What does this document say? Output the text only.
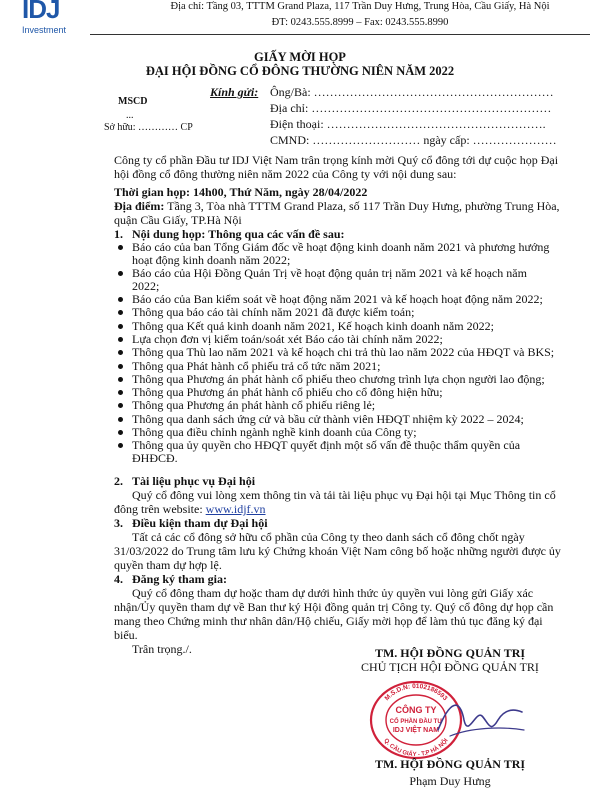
IDJ
Investment
Địa chỉ: Tầng 03, TTTM Grand Plaza, 117 Trần Duy Hưng, Trung Hòa, Cầu Giấy, Hà Nội
ĐT: 0243.555.8999 – Fax: 0243.555.8990
GIẤY MỜI HỌP
ĐẠI HỘI ĐỒNG CỔ ĐÔNG THƯỜNG NIÊN NĂM 2022
MSCD
...
Sở hữu: ………… CP
Kính gửi: Ông/Bà: ……………………………………………………
Địa chỉ: ……………………………………………………
Điện thoại: ……………………………………………….
CMND: ……………………… ngày cấp: …………………
Công ty cổ phần Đầu tư IDJ Việt Nam trân trọng kính mời Quý cổ đông tới dự cuộc họp Đại
hội đồng cổ đông thường niên năm 2022 của Công ty với nội dung sau:
Thời gian họp: 14h00, Thứ Năm, ngày 28/04/2022
Địa điểm: Tầng 3, Tòa nhà TTTM Grand Plaza, số 117 Trần Duy Hưng, phường Trung Hòa,
quận Cầu Giấy, TP.Hà Nội
1. Nội dung họp: Thông qua các vấn đề sau:
Báo cáo của ban Tổng Giám đốc về hoạt động kinh doanh năm 2021 và phương hướng
hoạt động kinh doanh năm 2022;
Báo cáo của Hội Đồng Quản Trị về hoạt động quản trị năm 2021 và kế hoạch năm
2022;
Báo cáo của Ban kiểm soát về hoạt động năm 2021 và kế hoạch hoạt động năm 2022;
Thông qua báo cáo tài chính năm 2021 đã được kiểm toán;
Thông qua Kết quả kinh doanh năm 2021, Kế hoạch kinh doanh năm 2022;
Lựa chọn đơn vị kiểm toán/soát xét Báo cáo tài chính năm 2022;
Thông qua Thù lao năm 2021 và kế hoạch chi trả thù lao năm 2022 của HĐQT và BKS;
Thông qua Phát hành cổ phiếu trả cổ tức năm 2021;
Thông qua Phương án phát hành cổ phiếu theo chương trình lựa chọn người lao động;
Thông qua Phương án phát hành cổ phiếu cho cổ đông hiện hữu;
Thông qua Phương án phát hành cổ phiếu riêng lẻ;
Thông qua danh sách ứng cử và bầu cử thành viên HĐQT nhiệm kỳ 2022 – 2024;
Thông qua điều chỉnh ngành nghề kinh doanh của Công ty;
Thông qua ủy quyền cho HĐQT quyết định một số vấn đề thuộc thẩm quyền của
ĐHĐCĐ.
2. Tài liệu phục vụ Đại hội
Quý cổ đông vui lòng xem thông tin và tải tài liệu phục vụ Đại hội tại Mục Thông tin cổ
đông trên website: www.idjf.vn
3. Điều kiện tham dự Đại hội
Tất cả các cổ đông sở hữu cổ phần của Công ty theo danh sách cổ đông chốt ngày
31/03/2022 do Trung tâm lưu ký Chứng khoán Việt Nam công bố hoặc những người được ủy
quyền tham dự hợp lệ.
4. Đăng ký tham gia:
Quý cổ đông tham dự hoặc tham dự dưới hình thức ủy quyền vui lòng gửi Giấy xác
nhận/Ủy quyền tham dự về Ban thư ký Hội đồng quản trị Công ty. Quý cổ đông dự họp cần
mang theo Chứng minh thư nhân dân/Hộ chiếu, Giấy mời họp để làm thủ tục đăng ký đại
biểu.
Trân trọng./.	TM. HỘI ĐỒNG QUẢN TRỊ
CHỦ TỊCH HỘI ĐỒNG QUẢN TRỊ
M.S.D.N: 0102186593
Q. CẦU GIẤY - T.P HÀ NỘI
CÔNG TY
CỔ PHẦN ĐẦU TƯ
IDJ VIỆT NAM
TM. HỘI ĐỒNG QUẢN TRỊ
Phạm Duy Hưng
